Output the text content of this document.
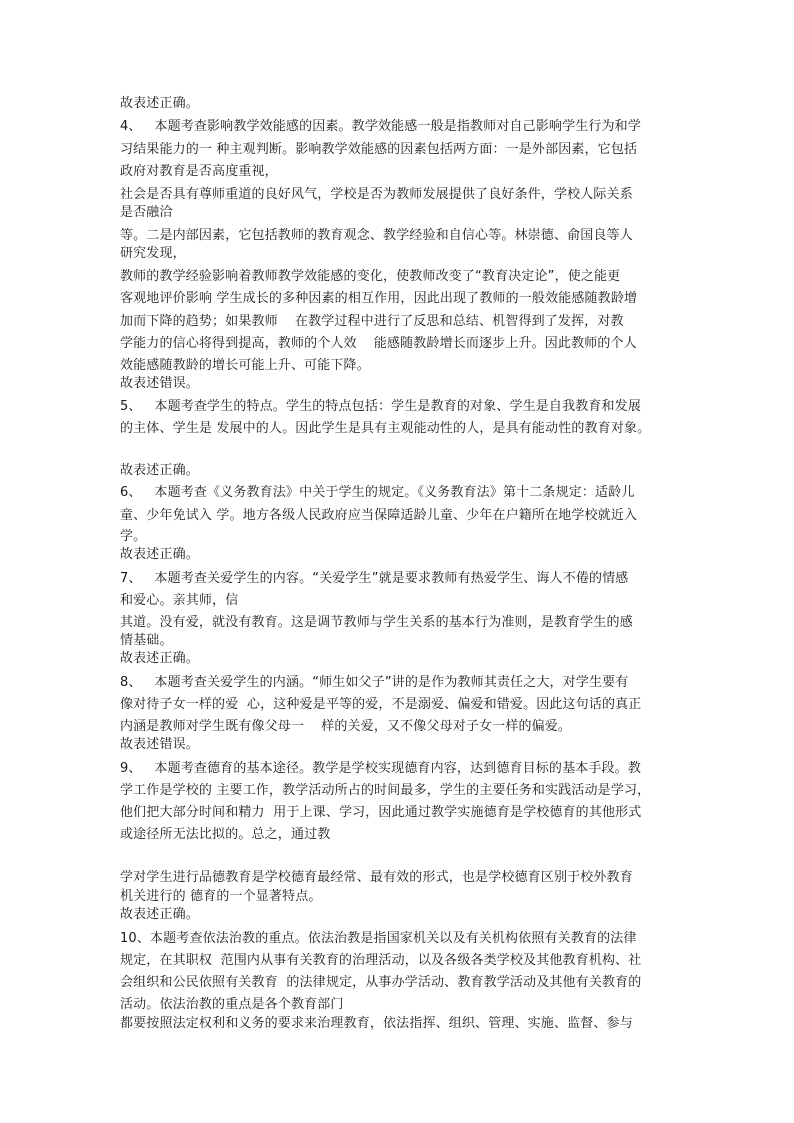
故表述正确。
4、   本题考查影响教学效能感的因素。教学效能感一般是指教师对自己影响学生行为和学
习结果能力的一 种主观判断。影响教学效能感的因素包括两方面：一是外部因素，它包括
政府对教育是否高度重视，
社会是否具有尊师重道的良好风气，学校是否为教师发展提供了良好条件，学校人际关系
是否融洽
等。二是内部因素，它包括教师的教育观念、教学经验和自信心等。林崇德、俞国良等人
研究发现，
教师的教学经验影响着教师教学效能感的变化，使教师改变了“教育决定论”，使之能更
客观地评价影响 学生成长的多种因素的相互作用，因此出现了教师的一般效能感随教龄增
加而下降的趋势；如果教师    在教学过程中进行了反思和总结、机智得到了发挥，对教
学能力的信心将得到提高，教师的个人效    能感随教龄增长而逐步上升。因此教师的个人
效能感随教龄的增长可能上升、可能下降。
故表述错误。
5、   本题考查学生的特点。学生的特点包括：学生是教育的对象、学生是自我教育和发展
的主体、学生是 发展中的人。因此学生是具有主观能动性的人，是具有能动性的教育对象。
故表述正确。
6、   本题考查《义务教育法》中关于学生的规定。《义务教育法》第十二条规定：适龄儿
童、少年免试入 学。地方各级人民政府应当保障适龄儿童、少年在户籍所在地学校就近入
学。
故表述正确。
7、   本题考查关爱学生的内容。“关爱学生”就是要求教师有热爱学生、诲人不倦的情感
和爱心。亲其师，信
其道。没有爱，就没有教育。这是调节教师与学生关系的基本行为准则，是教育学生的感
情基础。
故表述正确。
8、   本题考查关爱学生的内涵。“师生如父子”讲的是作为教师其责任之大，对学生要有
像对待子女一样的爱  心，这种爱是平等的爱，不是溺爱、偏爱和错爱。因此这句话的真正
内涵是教师对学生既有像父母一    样的关爱，又不像父母对子女一样的偏爱。
故表述错误。
9、   本题考查德育的基本途径。教学是学校实现德育内容，达到德育目标的基本手段。教
学工作是学校的 主要工作，教学活动所占的时间最多，学生的主要任务和实践活动是学习，
他们把大部分时间和精力  用于上课、学习，因此通过教学实施德育是学校德育的其他形式
或途径所无法比拟的。总之，通过教
学对学生进行品德教育是学校德育最经常、最有效的形式，也是学校德育区别于校外教育
机关进行的 德育的一个显著特点。
故表述正确。
10、本题考查依法治教的重点。依法治教是指国家机关以及有关机构依照有关教育的法律
规定，在其职权  范围内从事有关教育的治理活动，以及各级各类学校及其他教育机构、社
会组织和公民依照有关教育  的法律规定，从事办学活动、教育教学活动及其他有关教育的
活动。依法治教的重点是各个教育部门
都要按照法定权利和义务的要求来治理教育，依法指挥、组织、管理、实施、监督、参与
